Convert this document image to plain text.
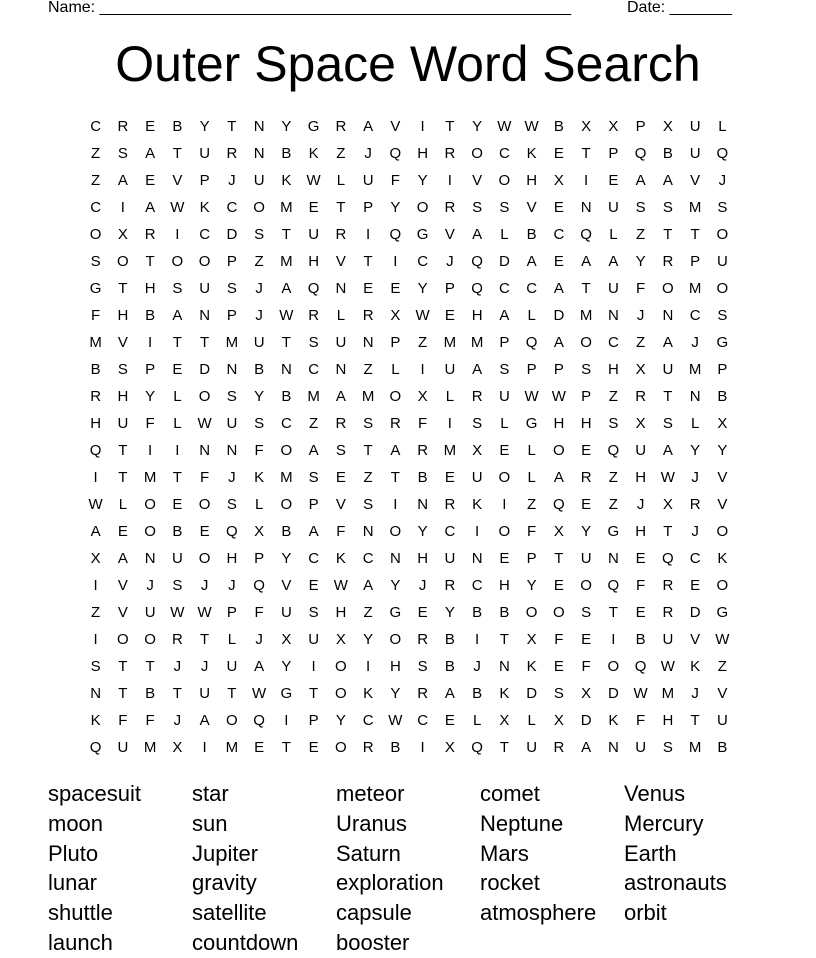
Name: _____________________________________________________	Date: _______
Outer Space Word Search
C	R	E	B	Y	T	N	Y	G	R	A	V	I	T	Y	W W	B	X	X	P	X	U	L
Z	S	A	T	U	R	N	B	K	Z	J	Q	H	R	O	C	K	E	T	P	Q	B	U	Q
Z	A	E	V	P	J	U	K	W	L	U	F	Y	I	V	O	H	X	I	E	A	A	V	J
C	I	A	W	K	C	O	M	E	T	P	Y	O	R	S	S	V	E	N	U	S	S	M	S
O	X	R	I	C	D	S	T	U	R	I	Q	G	V	A	L	B	C	Q	L	Z	T	T	O
S	O	T	O	O	P	Z	M	H	V	T	I	C	J	Q	D	A	E	A	A	Y	R	P	U
G	T	H	S	U	S	J	A	Q	N	E	E	Y	P	Q	C	C	A	T	U	F	O	M	O
F	H	B	A	N	P	J	W R	L	R	X	W	E	H	A	L	D	M	N	J	N	C	S
M	V	I	T	T	M	U	T	S	U	N	P	Z	M M	P	Q	A	O	C	Z	A	J	G
B	S	P	E	D	N	B	N	C	N	Z	L	I	U	A	S	P	P	S	H	X	U	M	P
R	H	Y	L	O	S	Y	B	M	A	M	O	X	L	R	U W W	P	Z	R	T	N	B
H	U	F	L	W U	S	C	Z	R	S	R	F	I	S	L	G	H	H	S	X	S	L	X
Q	T	I	I	N	N	F	O	A	S	T	A	R	M	X	E	L	O	E	Q	U	A	Y	Y
I	T	M	T	F	J	K	M	S	E	Z	T	B	E	U	O	L	A	R	Z	H W	J	V
W	L	O	E	O	S	L	O	P	V	S	I	N	R	K	I	Z	Q	E	Z	J	X	R	V
A	E	O	B	E	Q	X	B	A	F	N	O	Y	C	I	O	F	X	Y	G	H	T	J	O
X	A	N	U	O	H	P	Y	C	K	C	N	H	U	N	E	P	T	U	N	E	Q	C	K
I	V	J	S	J	J	Q	V	E	W	A	Y	J	R	C	H	Y	E	O	Q	F	R	E	O
Z	V	U W W	P	F	U	S	H	Z	G	E	Y	B	B	O	O	S	T	E	R	D	G
I	O	O	R	T	L	J	X	U	X	Y	O	R	B	I	T	X	F	E	I	B	U	V	W
S	T	T	J	J	U	A	Y	I	O	I	H	S	B	J	N	K	E	F	O	Q W	K	Z
N	T	B	T	U	T	W G	T	O	K	Y	R	A	B	K	D	S	X	D W M	J	V
K	F	F	J	A	O	Q	I	P	Y	C W C	E	L	X	L	X	D	K	F	H	T	U
Q	U	M	X	I	M	E	T	E	O	R	B	I	X	Q	T	U	R	A	N	U	S	M	B
spacesuit	star	meteor	comet	Venus
moon	sun	Uranus	Neptune	Mercury
Pluto	Jupiter	Saturn	Mars	Earth
lunar	gravity	exploration	rocket	astronauts
shuttle	satellite	capsule	atmosphere	orbit
launch	countdown	booster
